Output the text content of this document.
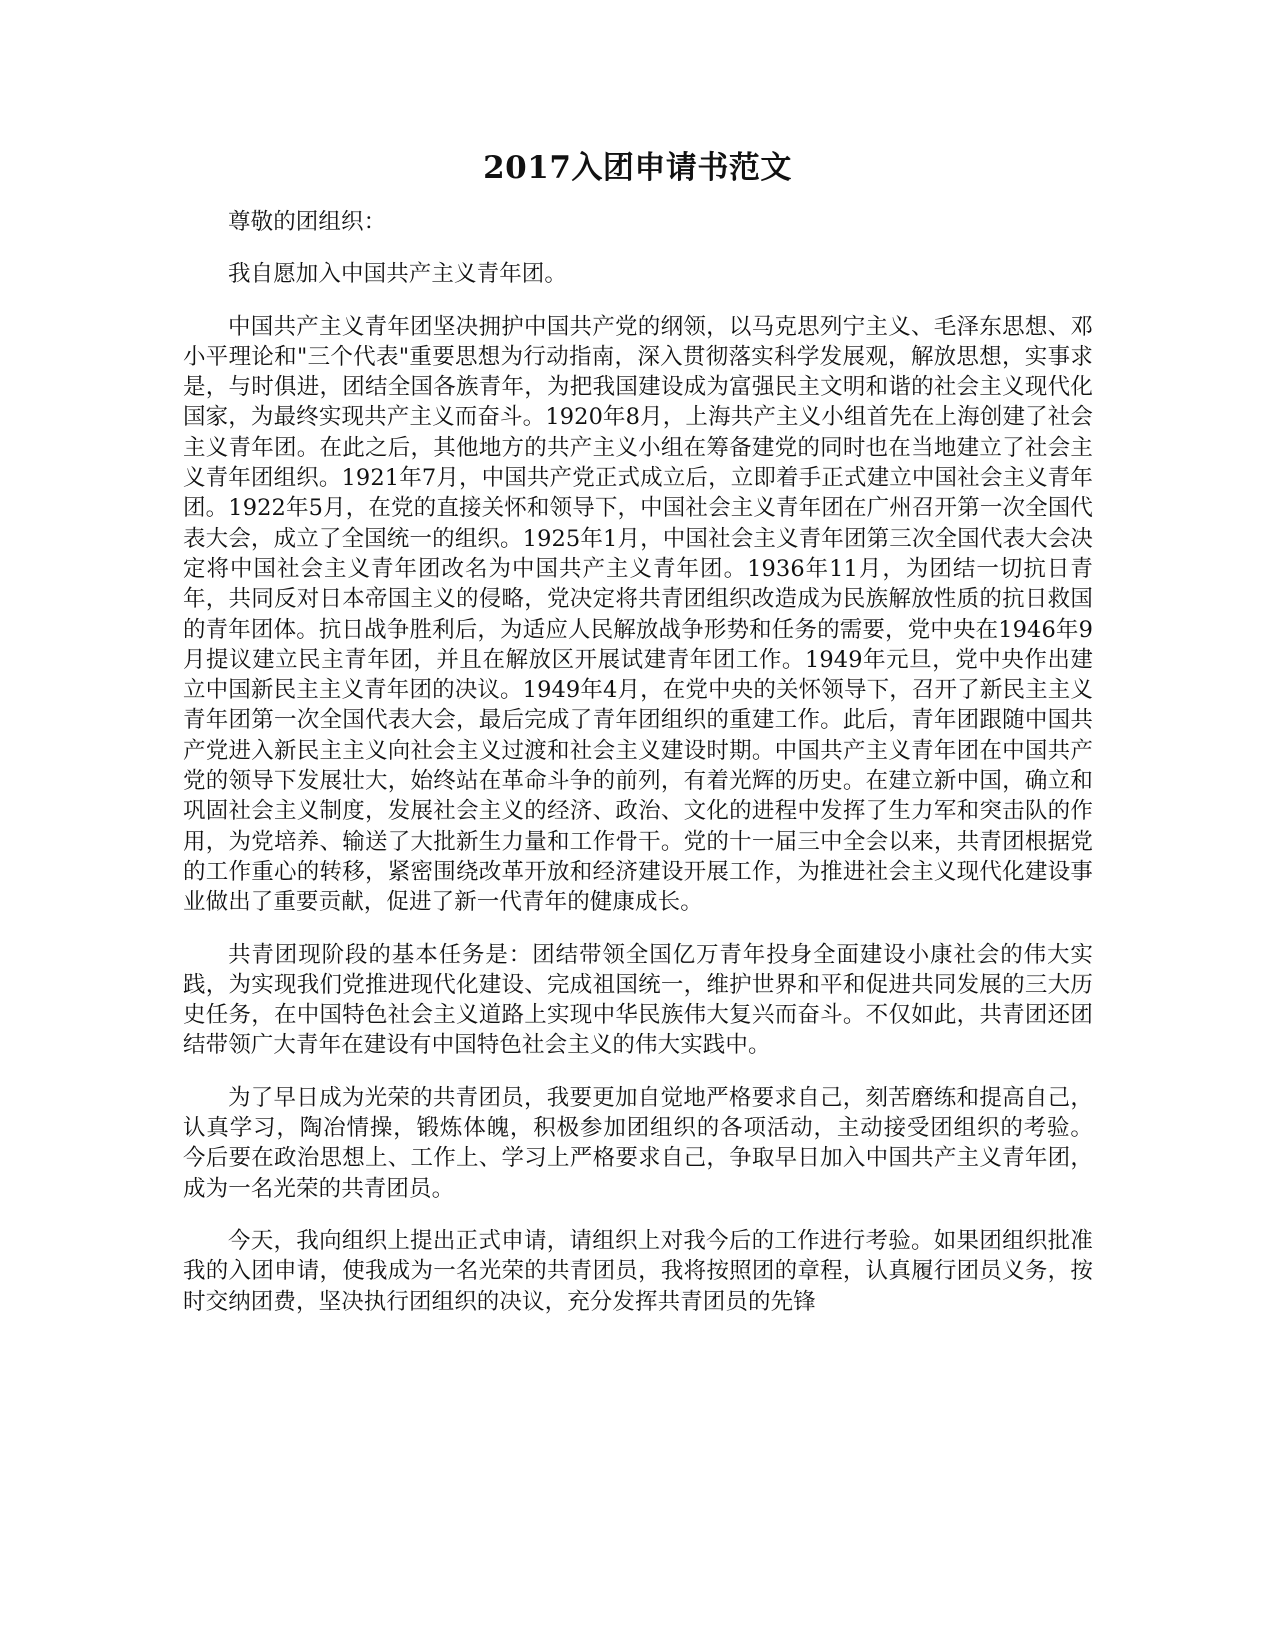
2017入团申请书范文

尊敬的团组织：

我自愿加入中国共产主义青年团。

中国共产主义青年团坚决拥护中国共产党的纲领，以马克思列宁主义、毛泽东思想、邓小平理论和"三个代表"重要思想为行动指南，深入贯彻落实科学发展观，解放思想，实事求是，与时俱进，团结全国各族青年，为把我国建设成为富强民主文明和谐的社会主义现代化国家，为最终实现共产主义而奋斗。1920年8月，上海共产主义小组首先在上海创建了社会主义青年团。在此之后，其他地方的共产主义小组在筹备建党的同时也在当地建立了社会主义青年团组织。1921年7月，中国共产党正式成立后，立即着手正式建立中国社会主义青年团。1922年5月，在党的直接关怀和领导下，中国社会主义青年团在广州召开第一次全国代表大会，成立了全国统一的组织。1925年1月，中国社会主义青年团第三次全国代表大会决定将中国社会主义青年团改名为中国共产主义青年团。1936年11月，为团结一切抗日青年，共同反对日本帝国主义的侵略，党决定将共青团组织改造成为民族解放性质的抗日救国的青年团体。抗日战争胜利后，为适应人民解放战争形势和任务的需要，党中央在1946年9月提议建立民主青年团，并且在解放区开展试建青年团工作。1949年元旦，党中央作出建立中国新民主主义青年团的决议。1949年4月，在党中央的关怀领导下，召开了新民主主义青年团第一次全国代表大会，最后完成了青年团组织的重建工作。此后，青年团跟随中国共产党进入新民主主义向社会主义过渡和社会主义建设时期。中国共产主义青年团在中国共产党的领导下发展壮大，始终站在革命斗争的前列，有着光辉的历史。在建立新中国，确立和巩固社会主义制度，发展社会主义的经济、政治、文化的进程中发挥了生力军和突击队的作用，为党培养、输送了大批新生力量和工作骨干。党的十一届三中全会以来，共青团根据党的工作重心的转移，紧密围绕改革开放和经济建设开展工作，为推进社会主义现代化建设事业做出了重要贡献，促进了新一代青年的健康成长。

共青团现阶段的基本任务是：团结带领全国亿万青年投身全面建设小康社会的伟大实践，为实现我们党推进现代化建设、完成祖国统一，维护世界和平和促进共同发展的三大历史任务，在中国特色社会主义道路上实现中华民族伟大复兴而奋斗。不仅如此，共青团还团结带领广大青年在建设有中国特色社会主义的伟大实践中。

为了早日成为光荣的共青团员，我要更加自觉地严格要求自己，刻苦磨练和提高自己，认真学习，陶冶情操，锻炼体魄，积极参加团组织的各项活动，主动接受团组织的考验。 今后要在政治思想上、工作上、学习上严格要求自己，争取早日加入中国共产主义青年团，成为一名光荣的共青团员。

今天，我向组织上提出正式申请，请组织上对我今后的工作进行考验。如果团组织批准我的入团申请，使我成为一名光荣的共青团员，我将按照团的章程，认真履行团员义务，按时交纳团费，坚决执行团组织的决议，充分发挥共青团员的先锋
